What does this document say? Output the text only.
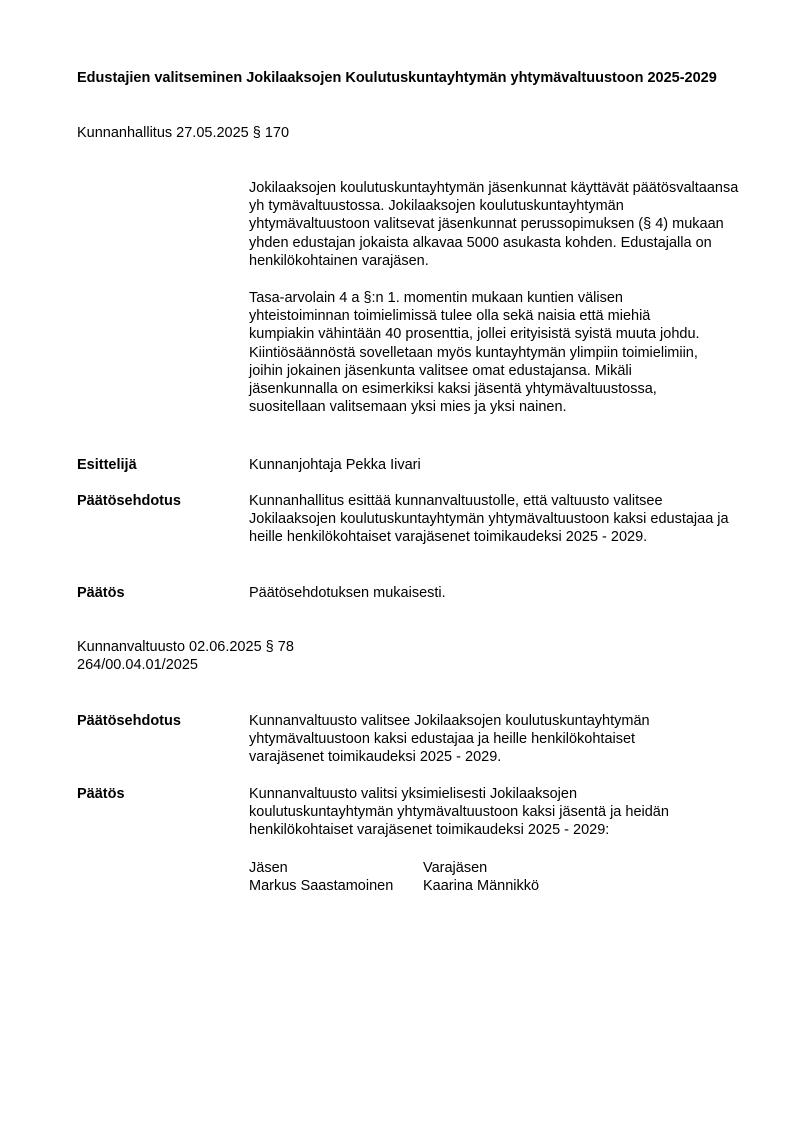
Edustajien valitseminen Jokilaaksojen Koulutuskuntayhtymän yhtymävaltuustoon 2025-2029
Kunnanhallitus 27.05.2025 § 170
Jokilaaksojen koulutuskuntayhtymän jäsenkunnat käyttävät päätösvaltaansa yh tymävaltuustossa. Jokilaaksojen koulutuskuntayhtymän yhtymävaltuustoon valitsevat jäsenkunnat perussopimuksen (§ 4) mukaan yhden edustajan jokaista alkavaa 5000 asukasta kohden. Edustajalla on henkilökohtainen varajäsen.
Tasa-arvolain 4 a §:n 1. momentin mukaan kuntien välisen yhteistoiminnan toimielimissä tulee olla sekä naisia että miehiä kumpiakin vähintään 40 prosenttia, jollei erityisistä syistä muuta johdu. Kiintiösäännöstä sovelletaan myös kuntayhtymän ylimpiin toimielimiin, joihin jokainen jäsenkunta valitsee omat edustajansa. Mikäli jäsenkunnalla on esimerkiksi kaksi jäsentä yhtymävaltuustossa, suositellaan valitsemaan yksi mies ja yksi nainen.
Esittelijä	Kunnanjohtaja Pekka Iivari
Päätösehdotus	Kunnanhallitus esittää kunnanvaltuustolle, että valtuusto valitsee Jokilaaksojen koulutuskuntayhtymän yhtymävaltuustoon kaksi edustajaa ja heille henkilökohtaiset varajäsenet toimikaudeksi 2025 - 2029.
Päätös	Päätösehdotuksen mukaisesti.
Kunnanvaltuusto 02.06.2025 § 78
264/00.04.01/2025
Päätösehdotus	Kunnanvaltuusto valitsee Jokilaaksojen koulutuskuntayhtymän yhtymävaltuustoon kaksi edustajaa ja heille henkilökohtaiset varajäsenet toimikaudeksi 2025 - 2029.
Päätös	Kunnanvaltuusto valitsi yksimielisesti Jokilaaksojen koulutuskuntayhtymän yhtymävaltuustoon kaksi jäsentä ja heidän henkilökohtaiset varajäsenet toimikaudeksi 2025 - 2029:
Jäsen	Varajäsen
Markus Saastamoinen	Kaarina Männikkö
